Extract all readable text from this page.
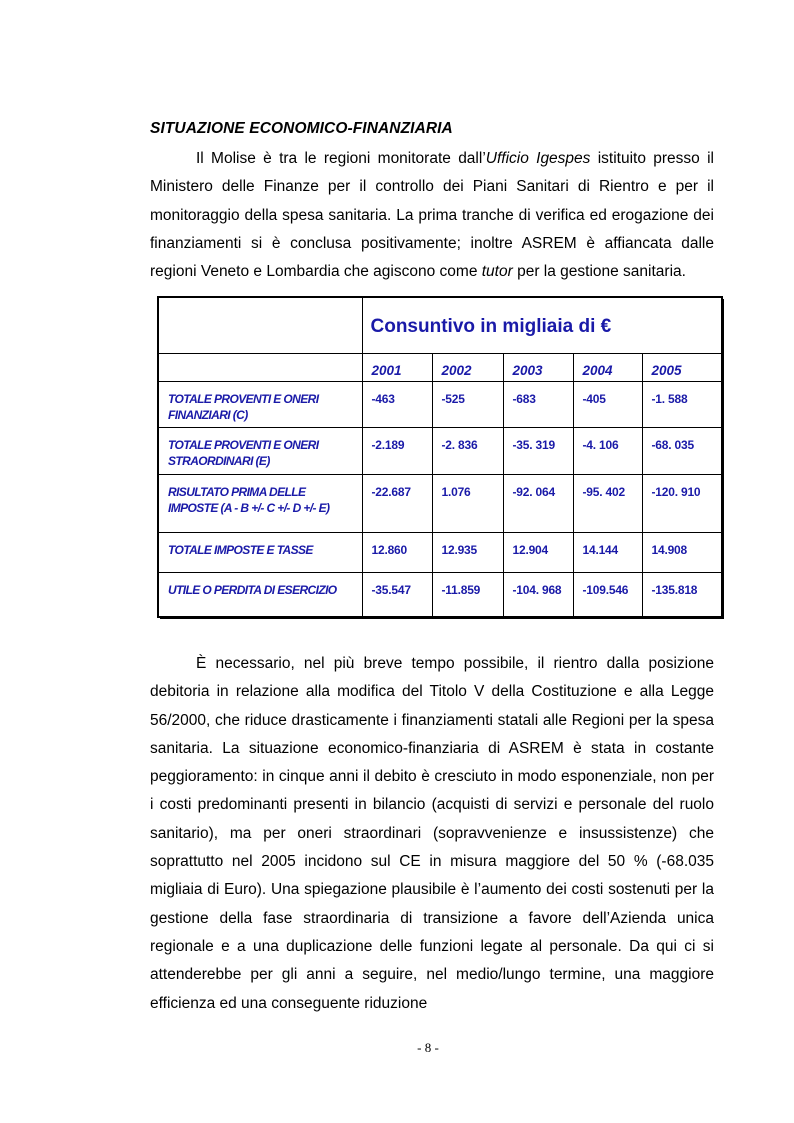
SITUAZIONE ECONOMICO-FINANZIARIA

Il Molise è tra le regioni monitorate dall’Ufficio Igespes istituito presso il Ministero delle Finanze per il controllo dei Piani Sanitari di Rientro e per il monitoraggio della spesa sanitaria. La prima tranche di verifica ed erogazione dei finanziamenti si è conclusa positivamente; inoltre ASREM è affiancata dalle regioni Veneto e Lombardia che agiscono come tutor per la gestione sanitaria.

	Consuntivo in migliaia di €				
	2001	2002	2003	2004	2005
TOTALE PROVENTI E ONERI FINANZIARI (C)	-463	-525	-683	-405	-1. 588
TOTALE PROVENTI E ONERI STRAORDINARI (E)	-2.189	-2. 836	-35. 319	-4. 106	-68. 035
RISULTATO PRIMA DELLE IMPOSTE (A - B +/- C +/- D +/- E)	-22.687	1.076	-92. 064	-95. 402	-120. 910
TOTALE IMPOSTE E TASSE	12.860	12.935	12.904	14.144	14.908
UTILE O PERDITA DI ESERCIZIO	-35.547	-11.859	-104. 968	-109.546	-135.818

È necessario, nel più breve tempo possibile, il rientro dalla posizione debitoria in relazione alla modifica del Titolo V della Costituzione e alla Legge 56/2000, che riduce drasticamente i finanziamenti statali alle Regioni per la spesa sanitaria. La situazione economico-finanziaria di ASREM è stata in costante peggioramento: in cinque anni il debito è cresciuto in modo esponenziale, non per i costi predominanti presenti in bilancio (acquisti di servizi e personale del ruolo sanitario), ma per oneri straordinari (sopravvenienze e insussistenze) che soprattutto nel 2005 incidono sul CE in misura maggiore del 50 % (-68.035 migliaia di Euro). Una spiegazione plausibile è l’aumento dei costi sostenuti per la gestione della fase straordinaria di transizione a favore dell’Azienda unica regionale e a una duplicazione delle funzioni legate al personale. Da qui ci si attenderebbe per gli anni a seguire, nel medio/lungo termine, una maggiore efficienza ed una conseguente riduzione

- 8 -
